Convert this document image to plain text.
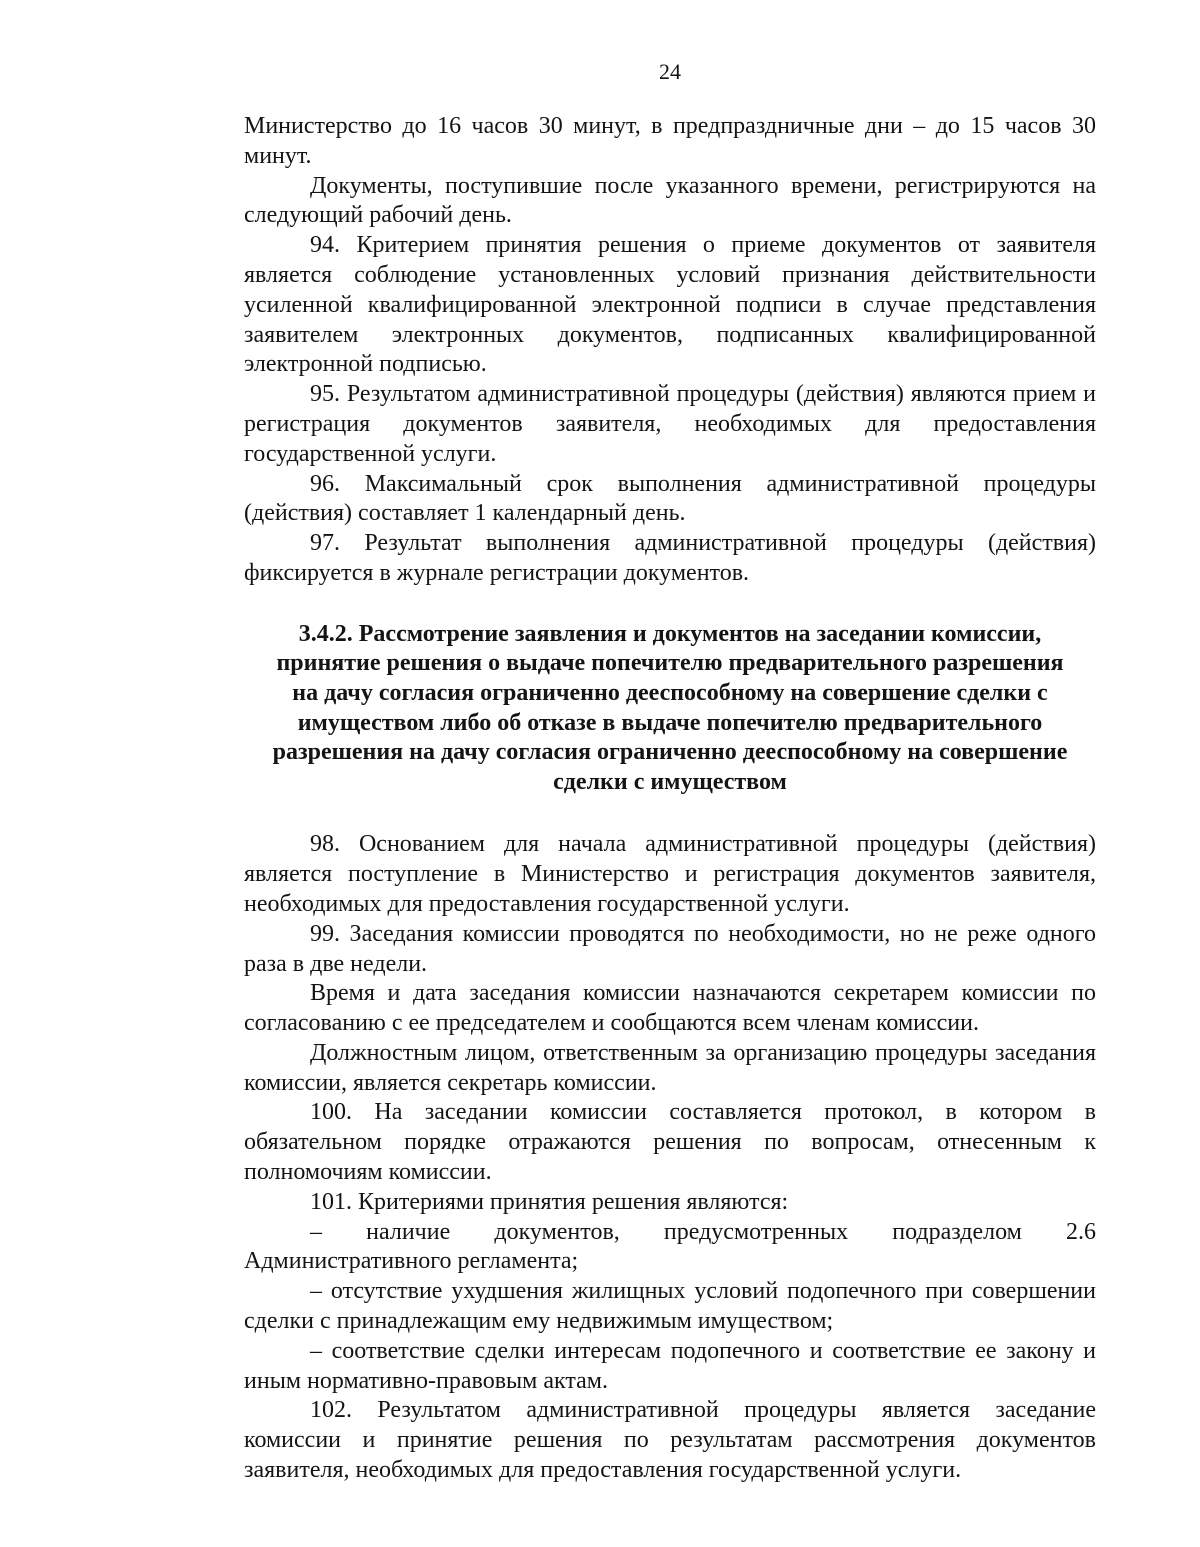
24

Министерство до 16 часов 30 минут, в предпраздничные дни – до 15 часов 30 минут.

Документы, поступившие после указанного времени, регистрируются на следующий рабочий день.

94. Критерием принятия решения о приеме документов от заявителя является соблюдение установленных условий признания действительности усиленной квалифицированной электронной подписи в случае представления заявителем электронных документов, подписанных квалифицированной электронной подписью.

95. Результатом административной процедуры (действия) являются прием и регистрация документов заявителя, необходимых для предоставления государственной услуги.

96. Максимальный срок выполнения административной процедуры (действия) составляет 1 календарный день.

97. Результат выполнения административной процедуры (действия) фиксируется в журнале регистрации документов.

3.4.2. Рассмотрение заявления и документов на заседании комиссии,
принятие решения о выдаче попечителю предварительного разрешения
на дачу согласия ограниченно дееспособному на совершение сделки с
имуществом либо об отказе в выдаче попечителю предварительного
разрешения на дачу согласия ограниченно дееспособному на совершение
сделки с имуществом

98. Основанием для начала административной процедуры (действия) является поступление в Министерство и регистрация документов заявителя, необходимых для предоставления государственной услуги.

99. Заседания комиссии проводятся по необходимости, но не реже одного раза в две недели.

Время и дата заседания комиссии назначаются секретарем комиссии по согласованию с ее председателем и сообщаются всем членам комиссии.

Должностным лицом, ответственным за организацию процедуры заседания комиссии, является секретарь комиссии.

100. На заседании комиссии составляется протокол, в котором в обязательном порядке отражаются решения по вопросам, отнесенным к полномочиям комиссии.

101. Критериями принятия решения являются:

– наличие документов, предусмотренных подразделом 2.6 Административного регламента;

– отсутствие ухудшения жилищных условий подопечного при совершении сделки с принадлежащим ему недвижимым имуществом;

– соответствие сделки интересам подопечного и соответствие ее закону и иным нормативно-правовым актам.

102. Результатом административной процедуры является заседание комиссии и принятие решения по результатам рассмотрения документов заявителя, необходимых для предоставления государственной услуги.
